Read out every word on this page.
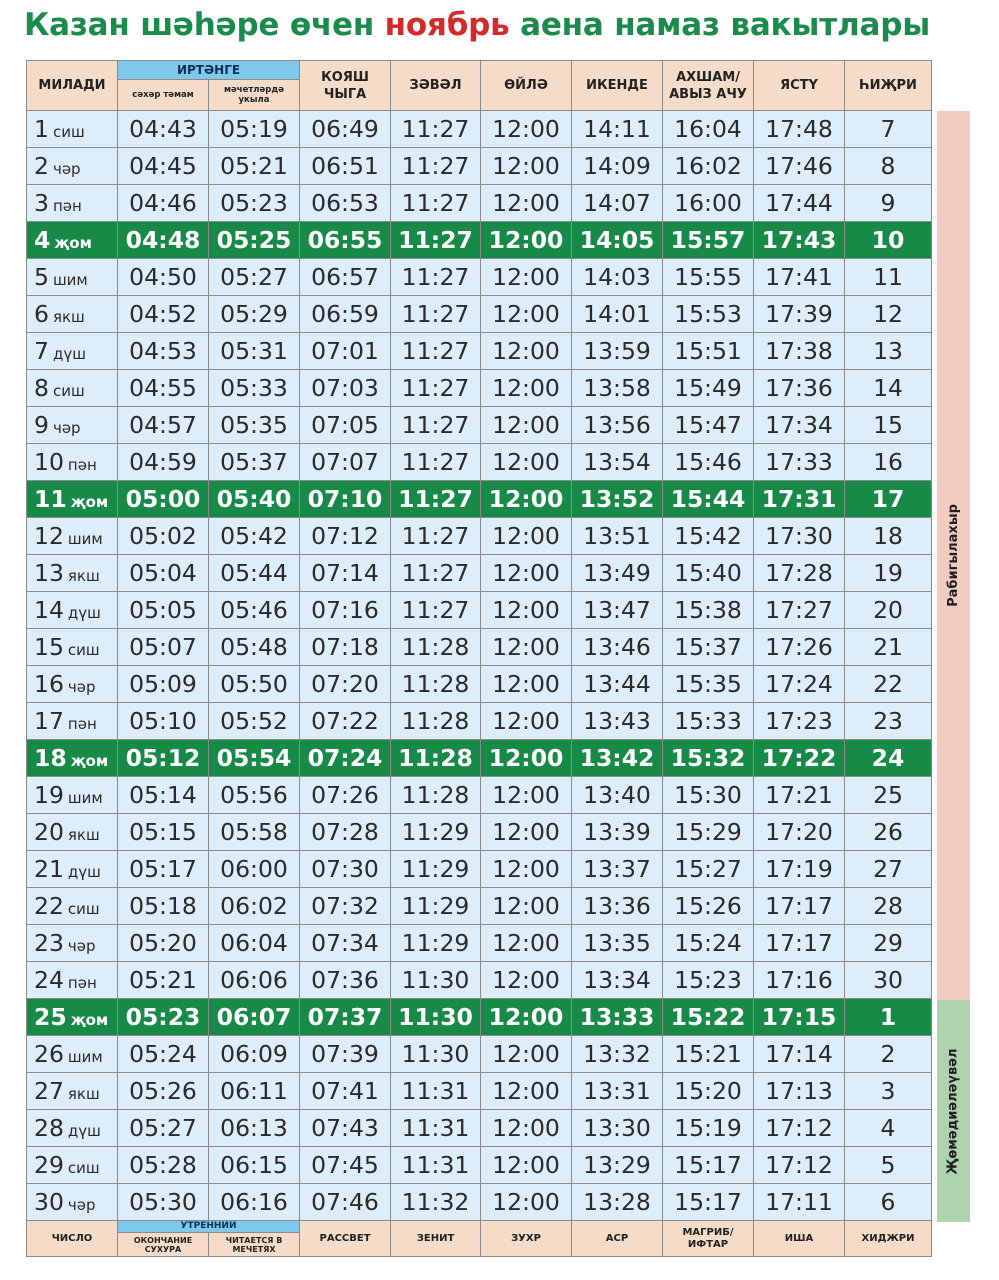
Казан шәһәре өчен ноябрь аена намаз вакытлары
МИЛАДИ	ИРТӘНГЕ		КОЯШ ЧЫГА	ЗӘВӘЛ	ӨЙЛӘ	ИКЕНДЕ	АХШАМ/ АВЫЗ АЧУ	ЯСТҮ	ҺИҖРИ
	сәхәр тәмам	мәчетләрдә укыла							
1 сиш	04:43	05:19	06:49	11:27	12:00	14:11	16:04	17:48	7
2 чәр	04:45	05:21	06:51	11:27	12:00	14:09	16:02	17:46	8
3 пән	04:46	05:23	06:53	11:27	12:00	14:07	16:00	17:44	9
4 җом	04:48	05:25	06:55	11:27	12:00	14:05	15:57	17:43	10
5 шим	04:50	05:27	06:57	11:27	12:00	14:03	15:55	17:41	11
6 якш	04:52	05:29	06:59	11:27	12:00	14:01	15:53	17:39	12
7 дүш	04:53	05:31	07:01	11:27	12:00	13:59	15:51	17:38	13
8 сиш	04:55	05:33	07:03	11:27	12:00	13:58	15:49	17:36	14
9 чәр	04:57	05:35	07:05	11:27	12:00	13:56	15:47	17:34	15
10 пән	04:59	05:37	07:07	11:27	12:00	13:54	15:46	17:33	16
11 җом	05:00	05:40	07:10	11:27	12:00	13:52	15:44	17:31	17
12 шим	05:02	05:42	07:12	11:27	12:00	13:51	15:42	17:30	18
13 якш	05:04	05:44	07:14	11:27	12:00	13:49	15:40	17:28	19
14 дүш	05:05	05:46	07:16	11:27	12:00	13:47	15:38	17:27	20
15 сиш	05:07	05:48	07:18	11:28	12:00	13:46	15:37	17:26	21
16 чәр	05:09	05:50	07:20	11:28	12:00	13:44	15:35	17:24	22
17 пән	05:10	05:52	07:22	11:28	12:00	13:43	15:33	17:23	23
18 җом	05:12	05:54	07:24	11:28	12:00	13:42	15:32	17:22	24
19 шим	05:14	05:56	07:26	11:28	12:00	13:40	15:30	17:21	25
20 якш	05:15	05:58	07:28	11:29	12:00	13:39	15:29	17:20	26
21 дүш	05:17	06:00	07:30	11:29	12:00	13:37	15:27	17:19	27
22 сиш	05:18	06:02	07:32	11:29	12:00	13:36	15:26	17:17	28
23 чәр	05:20	06:04	07:34	11:29	12:00	13:35	15:24	17:17	29
24 пән	05:21	06:06	07:36	11:30	12:00	13:34	15:23	17:16	30
25 җом	05:23	06:07	07:37	11:30	12:00	13:33	15:22	17:15	1
26 шим	05:24	06:09	07:39	11:30	12:00	13:32	15:21	17:14	2
27 якш	05:26	06:11	07:41	11:31	12:00	13:31	15:20	17:13	3
28 дүш	05:27	06:13	07:43	11:31	12:00	13:30	15:19	17:12	4
29 сиш	05:28	06:15	07:45	11:31	12:00	13:29	15:17	17:12	5
30 чәр	05:30	06:16	07:46	11:32	12:00	13:28	15:17	17:11	6
ЧИСЛО	УТРЕННИЙ		РАССВЕТ	ЗЕНИТ	ЗУХР	АСР	МАГРИБ/ ИФТАР	ИША	ХИДЖРИ
	ОКОНЧАНИЕ СУХУРА	ЧИТАЕТСЯ В МЕЧЕТЯХ							
Рабигылахыр
Җөмәдиәләүвәл
